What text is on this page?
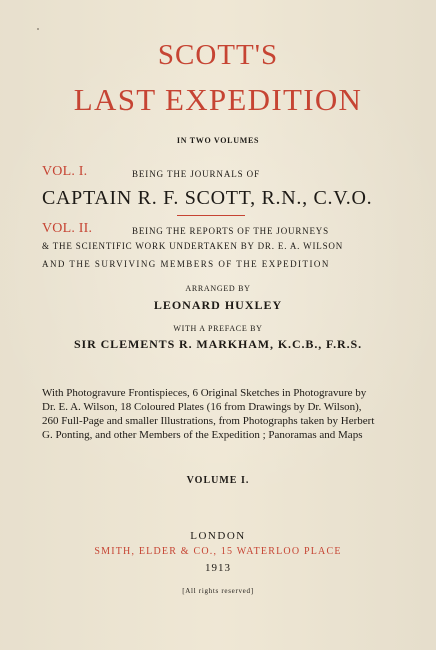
SCOTT'S
LAST EXPEDITION
IN TWO VOLUMES
VOL. I.	BEING THE JOURNALS OF
CAPTAIN R. F. SCOTT, R.N., C.V.O.
VOL. II.	BEING THE REPORTS OF THE JOURNEYS
& THE SCIENTIFIC WORK UNDERTAKEN BY DR. E. A. WILSON
AND THE SURVIVING MEMBERS OF THE EXPEDITION
ARRANGED BY
LEONARD HUXLEY
WITH A PREFACE BY
SIR CLEMENTS R. MARKHAM, K.C.B., F.R.S.
With Photogravure Frontispieces, 6 Original Sketches in Photogravure by
Dr. E. A. Wilson, 18 Coloured Plates (16 from Drawings by Dr. Wilson),
260 Full-Page and smaller Illustrations, from Photographs taken by Herbert
G. Ponting, and other Members of the Expedition ; Panoramas and Maps
VOLUME I.
LONDON
SMITH, ELDER & CO., 15 WATERLOO PLACE
1913
[All rights reserved]
